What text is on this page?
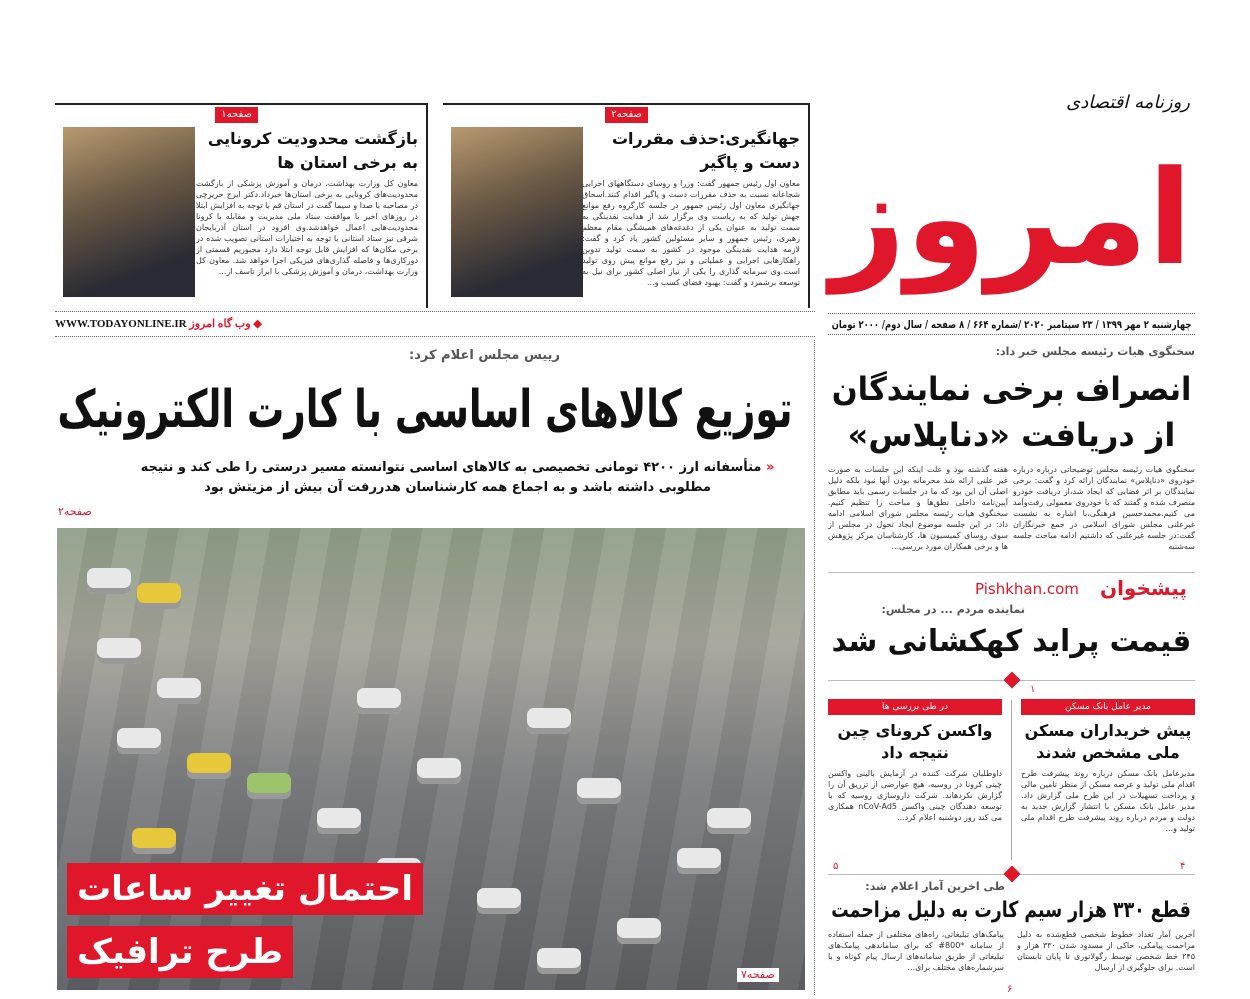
روزنامه اقتصادی
امروز
چهارشنبه ۲ مهر ۱۳۹۹ / ۲۳ سپتامبر ۲۰۲۰ /شماره ۶۶۴ / ۸ صفحه / سال دوم/ ۲۰۰۰ تومان
صفحه۲
جهانگیری:حذف مقررات دست و پاگیر
معاون اول رئیس جمهور گفت: وزرا و روسای دستگاههای اجرایی شجاعانه نسبت به حذف مقررات دست و پاگیر اقدام کنند.اسحاق جهانگیری معاون اول رئیس جمهور در جلسه کارگروه رفع موانع جهش تولید که به ریاست وی برگزار شد از هدایت نقدینگی به سمت تولید به عنوان یکی از دغدغه‌های همیشگی مقام معظم رهبری، رئیس جمهور و سایر مسئولین کشور یاد کرد و گفت: لازمه هدایت نقدینگی موجود در کشور به سمت تولید تدوین راهکارهایی اجرایی و عملیاتی و نیز رفع موانع پیش روی تولید است.وی سرمایه گذاری را یکی از نیاز اصلی کشور برای نیل به توسعه برشمرد و گفت: بهبود فضای کسب و...
صفحه۱
بازگشت محدودیت کرونایی به برخی استان ها
معاون کل وزارت بهداشت، درمان و آموزش پزشکی از بازگشت محدودیت‌های کرونایی به برخی استان‌ها خبرداد.دکتر ایرج حریرچی در مصاحبه با صدا و سیما گفت در استان قم با توجه به افزایش ابتلا در روزهای اخیر با موافقت ستاد ملی مدیریت و مقابله با کرونا محدودیت‌هایی اعمال خواهدشد.وی افزود در استان آذربایجان شرقی نیز ستاد استانی با توجه به اختیارات استانی تصویب شده در برخی مکان‌ها که افزایش قابل توجه ابتلا دارد مجبوریم قسمتی از دورکاری‌ها و فاصله گذاری‌های فیزیکی اجرا خواهد شد. معاون کل وزارت بهداشت، درمان و آموزش پزشکی با ابراز تاسف از...
WWW.TODAYONLINE.IR وب گاه امروز ◆
رییس مجلس اعلام کرد:
توزیع کالاهای اساسی با کارت الکترونیک
« متأسفانه ارز ۴۲۰۰ تومانی تخصیصی به کالاهای اساسی نتوانسته مسیر درستی را طی کند و نتیجه مطلوبی داشته باشد و به اجماع همه کارشناسان هدررفت آن بیش از مزیتش بود
صفحه۲
احتمال تغییر ساعات
طرح ترافیک
صفحه۷
سخنگوی هیات رئیسه مجلس خبر داد:
انصراف برخی نمایندگان
از دریافت «دناپلاس»
سخنگوی هیات رئیسه مجلس توضیحاتی درباره درباره خودروی «دناپلاس» نمایندگان ارائه کرد و گفت: برخی نمایندگان بر اثر فضایی که ایجاد شد،از دریافت خودرو منصرف شده و گفتند که با خودروی معمولی رفت‌وآمد می کنیم.محمدحسین فرهنگی،با اشاره به نشست غیرعلنی مجلس شورای اسلامی در جمع خبرنگاران گفت:در جلسه غیرعلنی که داشتیم ادامه مباحث جلسه سه‌شنبه
هفته گذشته بود و علت اینکه این جلسات به صورت غیر علنی ارائه شد محرمانه بودن آنها نبود بلکه دلیل اصلی آن این بود که ما در جلسات رسمی باید مطابق آیین‌نامه داخلی نطق‌ها و مباحث را تنظیم کنیم. سخنگوی هیات رئیسه مجلس شورای اسلامی ادامه داد: در این جلسه موضوع ایجاد تحول در مجلس از سوی روسای کمیسیون ها، کارشناسان مرکز پژوهش ها و برخی همکاران مورد بررسی...
پیشخوان
Pishkhan.com
نماینده مردم ... در مجلس:
قیمت پراید کهکشانی شد
۱
مدیر عامل بانک مسکن
پیش خریداران مسکن ملی مشخص شدند
مدیرعامل بانک مسکن درباره روند پیشرفت طرح اقدام ملی تولید و عرضه مسکن از منظر تامین مالی و پرداخت تسهیلات در این طرح ملی گزارش داد. مدیر عامل بانک مسکن با انتشار گزارش جدید به دولت و مردم درباره روند پیشرفت طرح اقدام ملی تولید و...
در طی بررسی ها
واکسن کرونای چین نتیجه داد
داوطلبان شرکت کننده در آزمایش بالینی واکسن چینی کرونا در روسیه، هیچ عوارضی از تزریق آن را گزارش نکردهاند. شرکت داروسازی روسیه که با توسعه دهندگان چینی واکسن nCoV-Ad5 همکاری می کند روز دوشنبه اعلام کرد...
۴
۵
طی اخرین آمار اعلام شد:
قطع ۳۳۰ هزار سیم کارت به دلیل مزاحمت
آخرین آمار تعداد خطوط شخصی قطع‌شده به دلیل مزاحمت پیامکی، حاکی از مسدود شدن ۳۳۰ هزار و ۲۴۵ خط شخصی توسط رگولاتوری تا پایان تابستان است. برای جلوگیری از ارسال
پیامک‌های تبلیغاتی، راه‌های مختلفی از جمله استفاده از سامانه ‎#800*‎ که برای ساماندهی پیامک‌های تبلیغاتی از طریق سامانه‌های ارسال پیام کوتاه و با سرشماره‌های مختلف برای...
۶
